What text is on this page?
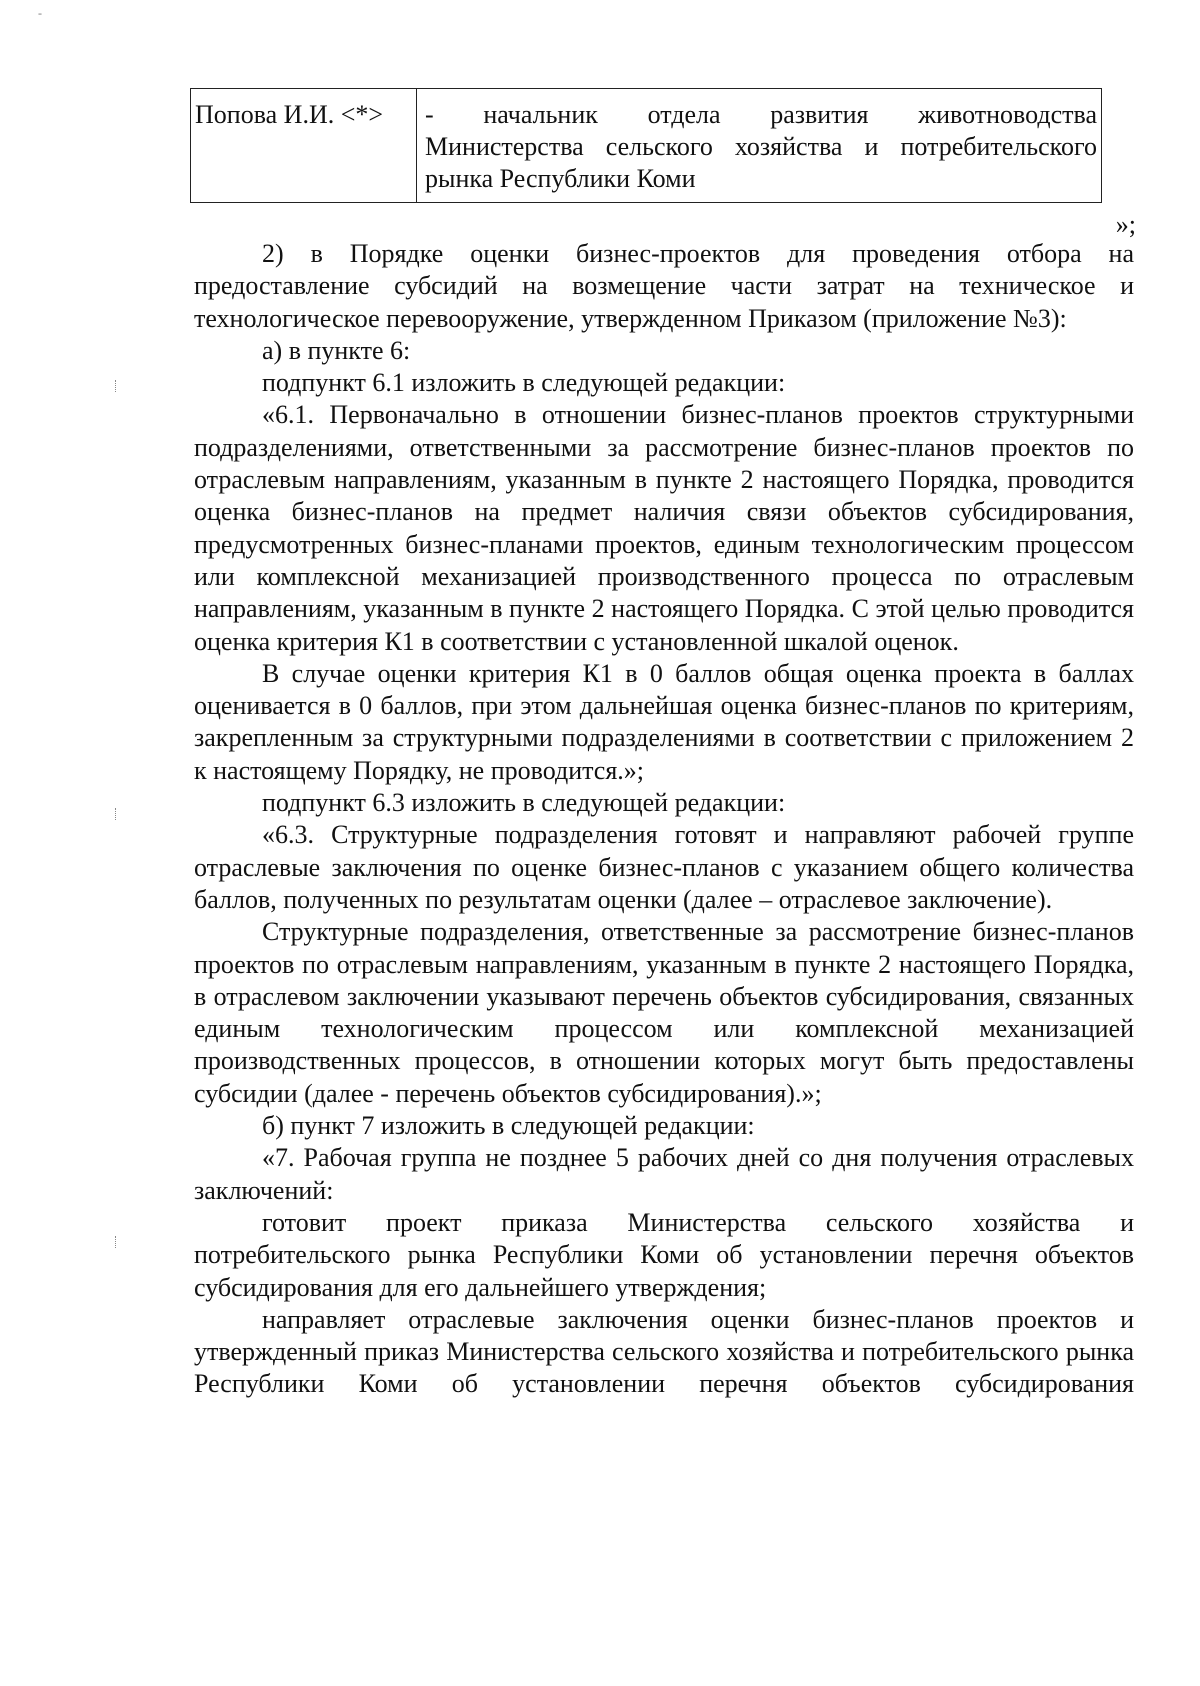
-
Попова И.И. <*>	- начальник отдела развития животноводства
Министерства сельского хозяйства и потребительского
рынка Республики Коми
»;

2) в Порядке оценки бизнес-проектов для проведения отбора на предоставление субсидий на возмещение части затрат на техническое и технологическое перевооружение, утвержденном Приказом (приложение №3):

а) в пункте 6:

подпункт 6.1 изложить в следующей редакции:

«6.1. Первоначально в отношении бизнес-планов проектов структурными подразделениями, ответственными за рассмотрение бизнес-планов проектов по отраслевым направлениям, указанным в пункте 2 настоящего Порядка, проводится оценка бизнес-планов на предмет наличия связи объектов субсидирования, предусмотренных бизнес-планами проектов, единым технологическим процессом или комплексной механизацией производственного процесса по отраслевым направлениям, указанным в пункте 2 настоящего Порядка. С этой целью проводится оценка критерия К1 в соответствии с установленной шкалой оценок.

В случае оценки критерия К1 в 0 баллов общая оценка проекта в баллах оценивается в 0 баллов, при этом дальнейшая оценка бизнес-планов по критериям, закрепленным за структурными подразделениями в соответствии с приложением 2 к настоящему Порядку, не проводится.»;

подпункт 6.3 изложить в следующей редакции:

«6.3. Структурные подразделения готовят и направляют рабочей группе отраслевые заключения по оценке бизнес-планов с указанием общего количества баллов, полученных по результатам оценки (далее – отраслевое заключение).

Структурные подразделения, ответственные за рассмотрение бизнес-планов проектов по отраслевым направлениям, указанным в пункте 2 настоящего Порядка, в отраслевом заключении указывают перечень объектов субсидирования, связанных единым технологическим процессом или комплексной механизацией производственных процессов, в отношении которых могут быть предоставлены субсидии (далее - перечень объектов субсидирования).»;

б) пункт 7 изложить в следующей редакции:

«7. Рабочая группа не позднее 5 рабочих дней со дня получения отраслевых заключений:

готовит проект приказа Министерства сельского хозяйства и потребительского рынка Республики Коми об установлении перечня объектов субсидирования для его дальнейшего утверждения;

направляет отраслевые заключения оценки бизнес-планов проектов и утвержденный приказ Министерства сельского хозяйства и потребительского рынка Республики Коми об установлении перечня объектов субсидирования
